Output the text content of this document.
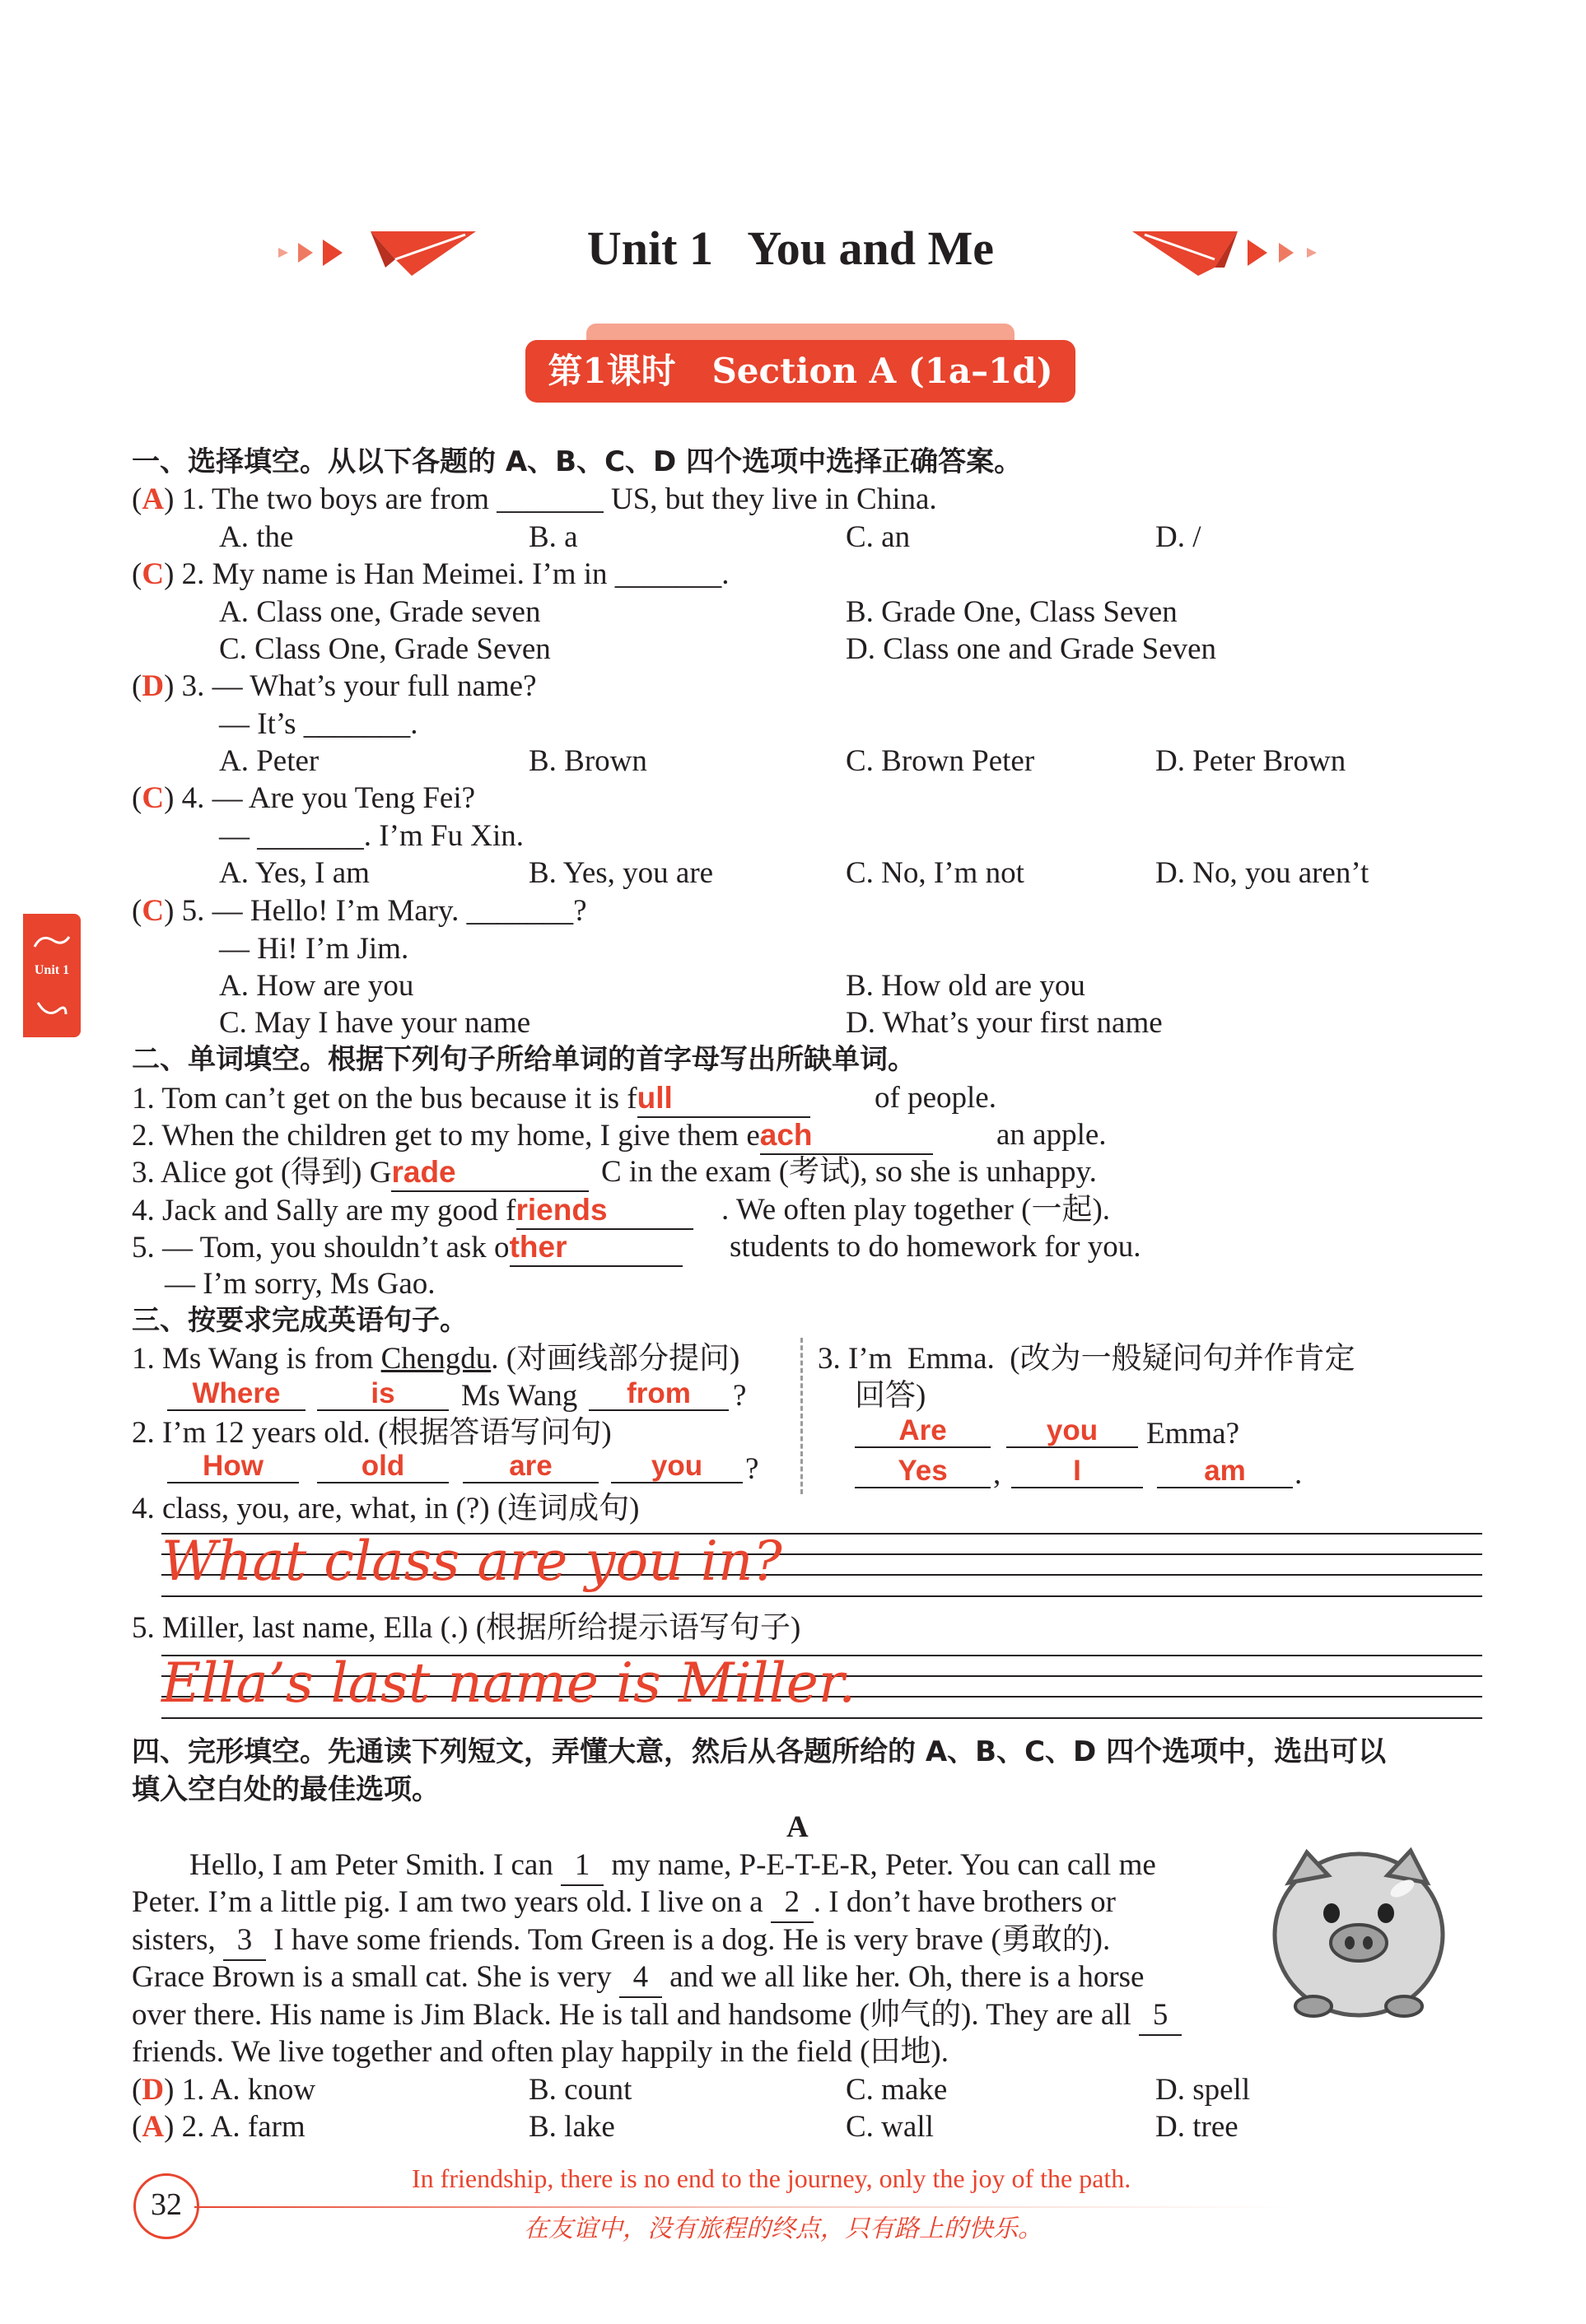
Unit 1   You and Me
第1课时   Section A (1a–1d)
Unit 1
一、选择填空。从以下各题的 A、B、C、D 四个选项中选择正确答案。
(A) 1. The two boys are from _______ US, but they live in China.
A. the	B. a	C. an	D. /
(C) 2. My name is Han Meimei. I’m in _______.
A. Class one, Grade seven	B. Grade One, Class Seven
C. Class One, Grade Seven	D. Class one and Grade Seven
(D) 3. — What’s your full name?
— It’s _______.
A. Peter	B. Brown	C. Brown Peter	D. Peter Brown
(C) 4. — Are you Teng Fei?
— _______. I’m Fu Xin.
A. Yes, I am	B. Yes, you are	C. No, I’m not	D. No, you aren’t
(C) 5. — Hello! I’m Mary. _______?
— Hi! I’m Jim.
A. How are you	B. How old are you
C. May I have your name	D. What’s your first name
二、单词填空。根据下列句子所给单词的首字母写出所缺单词。
1. Tom can’t get on the bus because it is full	of people.
2. When the children get to my home, I give them each	an apple.
3. Alice got (得到) Grade	C in the exam (考试), so she is unhappy.
4. Jack and Sally are my good friends	. We often play together (一起).
5. — Tom, you shouldn’t ask other	students to do homework for you.
— I’m sorry, Ms Gao.
三、按要求完成英语句子。
1. Ms Wang is from Chengdu. (对画线部分提问)
Where	is	Ms Wang	from	?
2. I’m 12 years old. (根据答语写问句)
How	old	are	you	?
3. I’m  Emma.  (改为一般疑问句并作肯定
回答)
Are	you	Emma?
Yes	,	I	am	.
4. class, you, are, what, in (?) (连词成句)
What class are you in?
5. Miller, last name, Ella (.) (根据所给提示语写句子)
Ella’s last name is Miller.
四、完形填空。先通读下列短文，弄懂大意，然后从各题所给的 A、B、C、D 四个选项中，选出可以
填入空白处的最佳选项。
A
Hello, I am Peter Smith. I can 1 my name, P-E-T-E-R, Peter. You can call me
Peter. I’m a little pig. I am two years old. I live on a 2 . I don’t have brothers or
sisters, 3 I have some friends. Tom Green is a dog. He is very brave (勇敢的).
Grace Brown is a small cat. She is very 4 and we all like her. Oh, there is a horse
over there. His name is Jim Black. He is tall and handsome (帅气的). They are all 5
friends. We live together and often play happily in the field (田地).
(D) 1. A. know	B. count	C. make	D. spell
(A) 2. A. farm	B. lake	C. wall	D. tree
32
In friendship, there is no end to the journey, only the joy of the path.
在友谊中，没有旅程的终点，只有路上的快乐。
